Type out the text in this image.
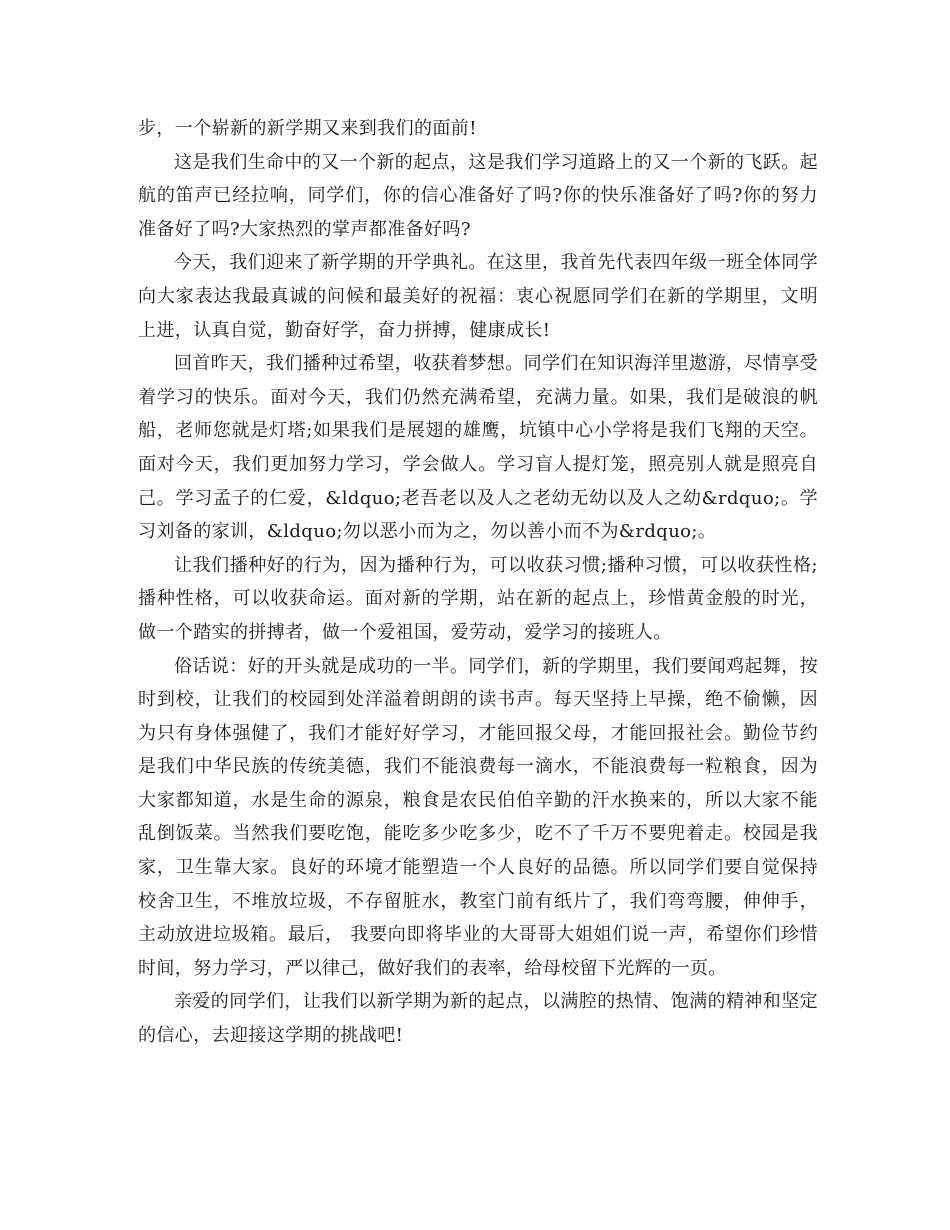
步，一个崭新的新学期又来到我们的面前!

这是我们生命中的又一个新的起点，这是我们学习道路上的又一个新的飞跃。起航的笛声已经拉响，同学们，你的信心准备好了吗?你的快乐准备好了吗?你的努力准备好了吗?大家热烈的掌声都准备好吗?

今天，我们迎来了新学期的开学典礼。在这里，我首先代表四年级一班全体同学向大家表达我最真诚的问候和最美好的祝福：衷心祝愿同学们在新的学期里，文明上进，认真自觉，勤奋好学，奋力拼搏，健康成长!

回首昨天，我们播种过希望，收获着梦想。同学们在知识海洋里遨游，尽情享受着学习的快乐。面对今天，我们仍然充满希望，充满力量。如果，我们是破浪的帆船，老师您就是灯塔;如果我们是展翅的雄鹰，坑镇中心小学将是我们飞翔的天空。面对今天，我们更加努力学习，学会做人。学习盲人提灯笼，照亮别人就是照亮自己。学习孟子的仁爱，&ldquo;老吾老以及人之老幼无幼以及人之幼&rdquo;。学习刘备的家训，&ldquo;勿以恶小而为之，勿以善小而不为&rdquo;。

让我们播种好的行为，因为播种行为，可以收获习惯;播种习惯，可以收获性格;播种性格，可以收获命运。面对新的学期，站在新的起点上，珍惜黄金般的时光，做一个踏实的拼搏者，做一个爱祖国，爱劳动，爱学习的接班人。

俗话说：好的开头就是成功的一半。同学们，新的学期里，我们要闻鸡起舞，按时到校，让我们的校园到处洋溢着朗朗的读书声。每天坚持上早操，绝不偷懒，因为只有身体强健了，我们才能好好学习，才能回报父母，才能回报社会。勤俭节约是我们中华民族的传统美德，我们不能浪费每一滴水，不能浪费每一粒粮食，因为大家都知道，水是生命的源泉，粮食是农民伯伯辛勤的汗水换来的，所以大家不能乱倒饭菜。当然我们要吃饱，能吃多少吃多少，吃不了千万不要兜着走。校园是我家，卫生靠大家。良好的环境才能塑造一个人良好的品德。所以同学们要自觉保持校舍卫生，不堆放垃圾，不存留脏水，教室门前有纸片了，我们弯弯腰，伸伸手，主动放进垃圾箱。最后， 我要向即将毕业的大哥哥大姐姐们说一声，希望你们珍惜时间，努力学习，严以律己，做好我们的表率，给母校留下光辉的一页。

亲爱的同学们，让我们以新学期为新的起点，以满腔的热情、饱满的精神和坚定的信心，去迎接这学期的挑战吧!
